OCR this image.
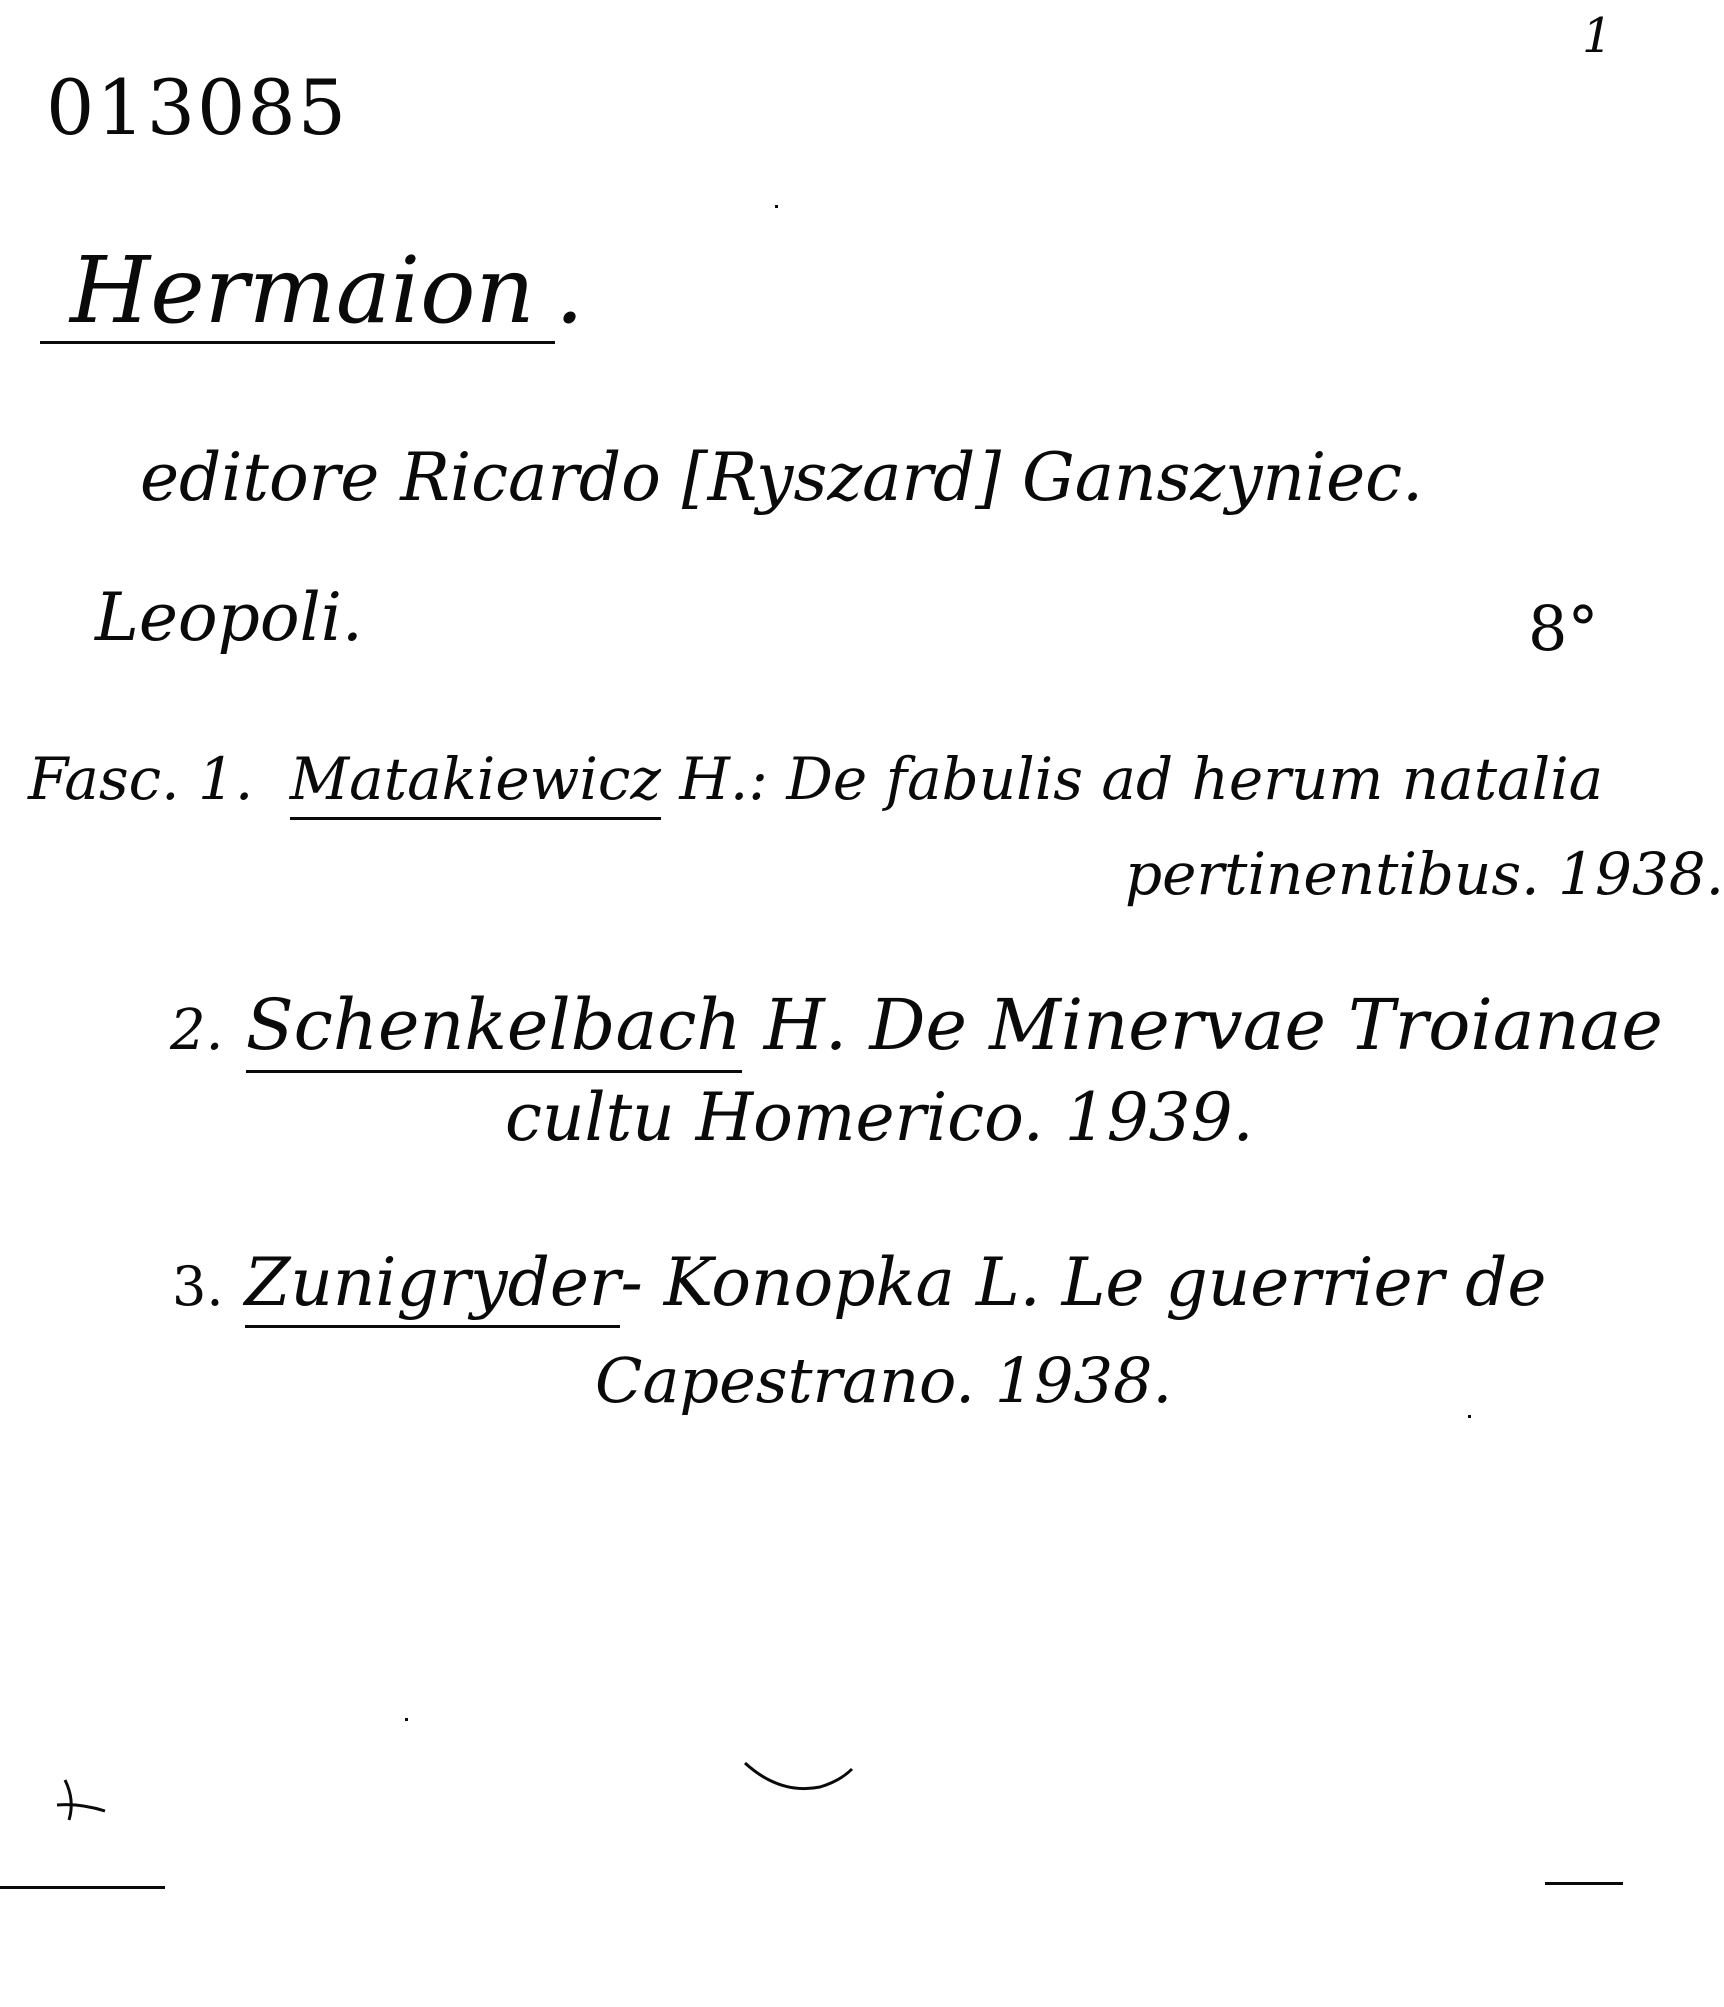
1
013085
Hermaion .
editore Ricardo [Ryszard] Ganszyniec.
Leopoli.	8°
Fasc. 1. Matakiewicz H.: De fabulis ad herum natalia
pertinentibus. 1938.
2. Schenkelbach H. De Minervae Troianae
cultu Homerico. 1939.
3. Zunigryder- Konopka L. Le guerrier de
Capestrano. 1938.
